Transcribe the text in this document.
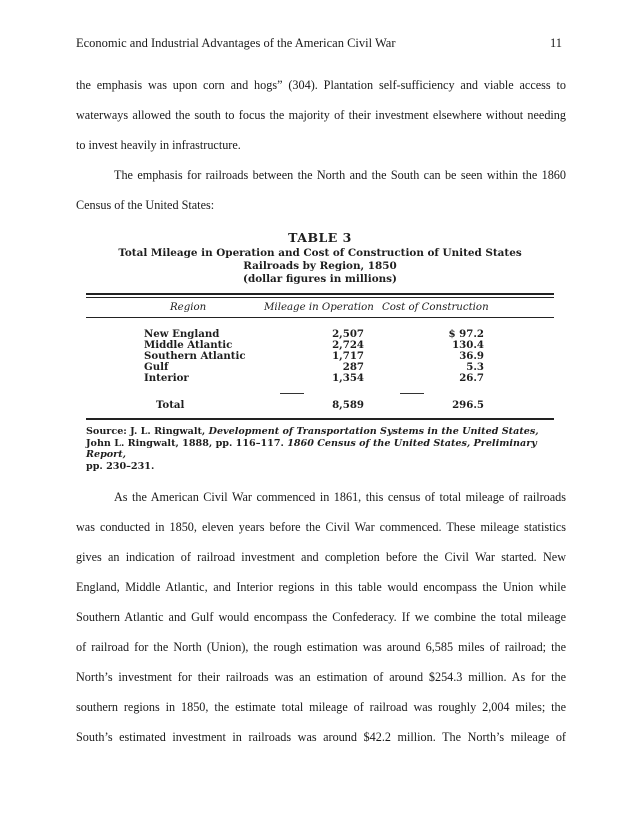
Economic and Industrial Advantages of the American Civil War	11
the emphasis was upon corn and hogs” (304). Plantation self-sufficiency and viable access to
waterways allowed the south to focus the majority of their investment elsewhere without needing
to invest heavily in infrastructure.
The emphasis for railroads between the North and the South can be seen within the 1860
Census of the United States:
TABLE 3
Total Mileage in Operation and Cost of Construction of United States
Railroads by Region, 1850
(dollar figures in millions)
Region	Mileage in Operation Cost of Construction
New England	2,507	$ 97.2
Middle Atlantic	2,724	130.4
Southern Atlantic	1,717	36.9
Gulf	287	5.3
Interior	1,354	26.7
Total	8,589	296.5
Source: J. L. Ringwalt, Development of Transportation Systems in the United States,
John L. Ringwalt, 1888, pp. 116–117. 1860 Census of the United States, Preliminary Report,
pp. 230–231.
As the American Civil War commenced in 1861, this census of total mileage of railroads
was conducted in 1850, eleven years before the Civil War commenced. These mileage statistics
gives an indication of railroad investment and completion before the Civil War started. New
England, Middle Atlantic, and Interior regions in this table would encompass the Union while
Southern Atlantic and Gulf would encompass the Confederacy. If we combine the total mileage
of railroad for the North (Union), the rough estimation was around 6,585 miles of railroad; the
North’s investment for their railroads was an estimation of around $254.3 million. As for the
southern regions in 1850, the estimate total mileage of railroad was roughly 2,004 miles; the
South’s estimated investment in railroads was around $42.2 million. The North’s mileage of
